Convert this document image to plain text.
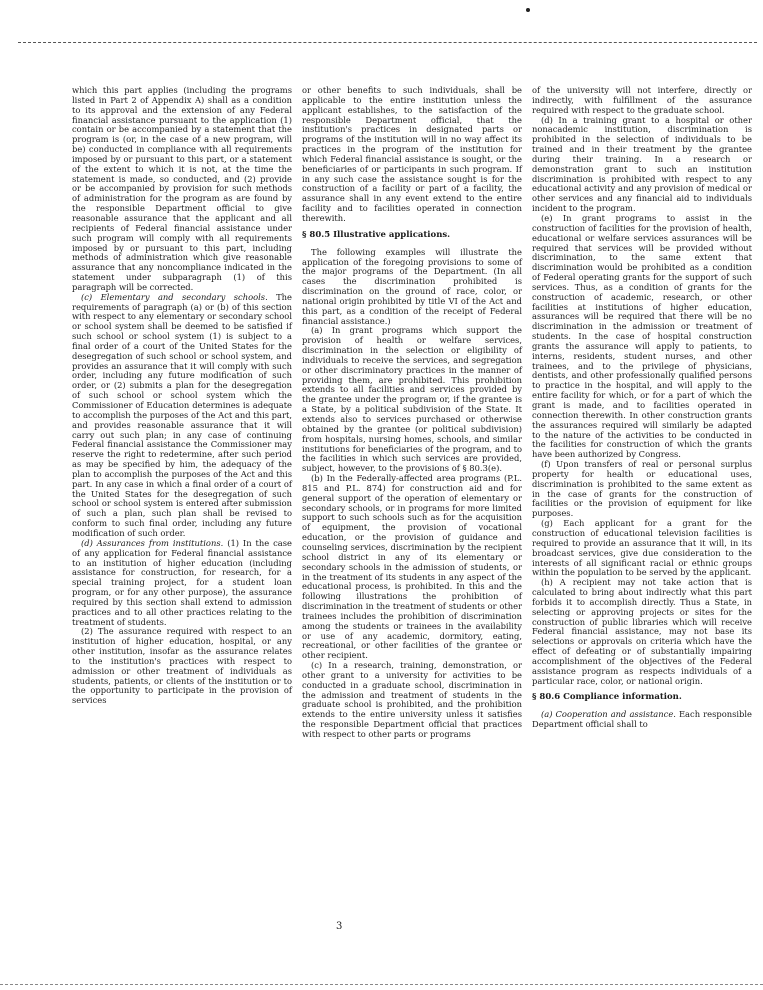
which this part applies (including the programs listed in Part 2 of Appendix A) shall as a condition to its approval and the extension of any Federal financial assistance pursuant to the application (1) contain or be accompanied by a statement that the program is (or, in the case of a new program, will be) conducted in compliance with all requirements imposed by or pursuant to this part, or a statement of the extent to which it is not, at the time the statement is made, so conducted, and (2) provide or be accompanied by provision for such methods of administration for the program as are found by the responsible Department official to give reasonable assurance that the applicant and all recipients of Federal financial assistance under such program will comply with all requirements imposed by or pursuant to this part, including methods of administration which give reasonable assurance that any noncompliance indicated in the statement under subparagraph (1) of this paragraph will be corrected.

(c) Elementary and secondary schools. The requirements of paragraph (a) or (b) of this section with respect to any elementary or secondary school or school system shall be deemed to be satisfied if such school or school system (1) is subject to a final order of a court of the United States for the desegregation of such school or school system, and provides an assurance that it will comply with such order, including any future modification of such order, or (2) submits a plan for the desegregation of such school or school system which the Commissioner of Education determines is adequate to accomplish the purposes of the Act and this part, and provides reasonable assurance that it will carry out such plan; in any case of continuing Federal financial assistance the Commissioner may reserve the right to redetermine, after such period as may be specified by him, the adequacy of the plan to accomplish the purposes of the Act and this part. In any case in which a final order of a court of the United States for the desegregation of such school or school system is entered after submission of such a plan, such plan shall be revised to conform to such final order, including any future modification of such order.

(d) Assurances from institutions. (1) In the case of any application for Federal financial assistance to an institution of higher education (including assistance for construction, for research, for a special training project, for a student loan program, or for any other purpose), the assurance required by this section shall extend to admission practices and to all other practices relating to the treatment of students.

(2) The assurance required with respect to an institution of higher education, hospital, or any other institution, insofar as the assurance relates to the institution's practices with respect to admission or other treatment of individuals as students, patients, or clients of the institution or to the opportunity to participate in the provision of services

or other benefits to such individuals, shall be applicable to the entire institution unless the applicant establishes, to the satisfaction of the responsible Department official, that the institution's practices in designated parts or programs of the institution will in no way affect its practices in the program of the institution for which Federal financial assistance is sought, or the beneficiaries of or participants in such program. If in any such case the assistance sought is for the construction of a facility or part of a facility, the assurance shall in any event extend to the entire facility and to facilities operated in connection therewith.

§ 80.5 Illustrative applications.

The following examples will illustrate the application of the foregoing provisions to some of the major programs of the Department. (In all cases the discrimination prohibited is discrimination on the ground of race, color, or national origin prohibited by title VI of the Act and this part, as a condition of the receipt of Federal financial assistance.)

(a) In grant programs which support the provision of health or welfare services, discrimination in the selection or eligibility of individuals to receive the services, and segregation or other discriminatory practices in the manner of providing them, are prohibited. This prohibition extends to all facilities and services provided by the grantee under the program or, if the grantee is a State, by a political subdivision of the State. It extends also to services purchased or otherwise obtained by the grantee (or political subdivision) from hospitals, nursing homes, schools, and similar institutions for beneficiaries of the program, and to the facilities in which such services are provided, subject, however, to the provisions of § 80.3(e).

(b) In the Federally-affected area programs (P.L. 815 and P.L. 874) for construction aid and for general support of the operation of elementary or secondary schools, or in programs for more limited support to such schools such as for the acquisition of equipment, the provision of vocational education, or the provision of guidance and counseling services, discrimination by the recipient school district in any of its elementary or secondary schools in the admission of students, or in the treatment of its students in any aspect of the educational process, is prohibited. In this and the following illustrations the prohibition of discrimination in the treatment of students or other trainees includes the prohibition of discrimination among the students or trainees in the availability or use of any academic, dormitory, eating, recreational, or other facilities of the grantee or other recipient.

(c) In a research, training, demonstration, or other grant to a university for activities to be conducted in a graduate school, discrimination in the admission and treatment of students in the graduate school is prohibited, and the prohibition extends to the entire university unless it satisfies the responsible Department official that practices with respect to other parts or programs

of the university will not interfere, directly or indirectly, with fulfillment of the assurance required with respect to the graduate school.

(d) In a training grant to a hospital or other nonacademic institution, discrimination is prohibited in the selection of individuals to be trained and in their treatment by the grantee during their training. In a research or demonstration grant to such an institution discrimination is prohibited with respect to any educational activity and any provision of medical or other services and any financial aid to individuals incident to the program.

(e) In grant programs to assist in the construction of facilities for the provision of health, educational or welfare services assurances will be required that services will be provided without discrimination, to the same extent that discrimination would be prohibited as a condition of Federal operating grants for the support of such services. Thus, as a condition of grants for the construction of academic, research, or other facilities at institutions of higher education, assurances will be required that there will be no discrimination in the admission or treatment of students. In the case of hospital construction grants the assurance will apply to patients, to interns, residents, student nurses, and other trainees, and to the privilege of physicians, dentists, and other professionally qualified persons to practice in the hospital, and will apply to the entire facility for which, or for a part of which the grant is made, and to facilities operated in connection therewith. In other construction grants the assurances required will similarly be adapted to the nature of the activities to be conducted in the facilities for construction of which the grants have been authorized by Congress.

(f) Upon transfers of real or personal surplus property for health or educational uses, discrimination is prohibited to the same extent as in the case of grants for the construction of facilities or the provision of equipment for like purposes.

(g) Each applicant for a grant for the construction of educational television facilities is required to provide an assurance that it will, in its broadcast services, give due consideration to the interests of all significant racial or ethnic groups within the population to be served by the applicant.

(h) A recipient may not take action that is calculated to bring about indirectly what this part forbids it to accomplish directly. Thus a State, in selecting or approving projects or sites for the construction of public libraries which will receive Federal financial assistance, may not base its selections or approvals on criteria which have the effect of defeating or of substantially impairing accomplishment of the objectives of the Federal assistance program as respects individuals of a particular race, color, or national origin.

§ 80.6 Compliance information.

(a) Cooperation and assistance. Each responsible Department official shall to

3
